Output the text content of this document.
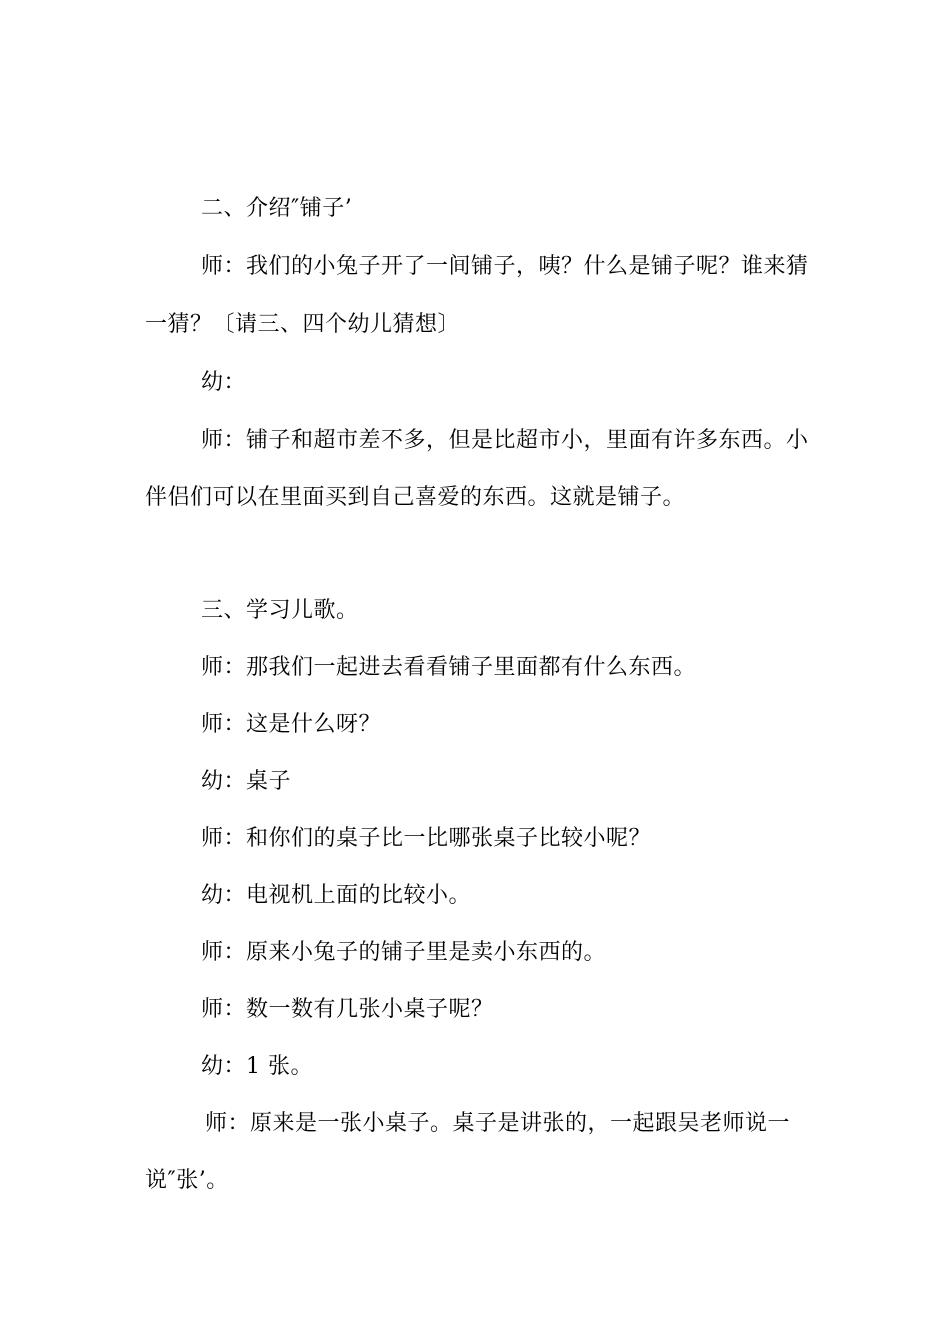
二、介绍″铺子’
师：我们的小兔子开了一间铺子，咦？什么是铺子呢？谁来猜
一猜？〔请三、四个幼儿猜想〕
幼：
师：铺子和超市差不多，但是比超市小，里面有许多东西。小
伴侣们可以在里面买到自己喜爱的东西。这就是铺子。
三、学习儿歌。
师：那我们一起进去看看铺子里面都有什么东西。
师：这是什么呀？
幼：桌子
师：和你们的桌子比一比哪张桌子比较小呢？
幼：电视机上面的比较小。
师：原来小兔子的铺子里是卖小东西的。
师：数一数有几张小桌子呢？
幼：1 张。
师：原来是一张小桌子。桌子是讲张的，一起跟吴老师说一
说″张’。
